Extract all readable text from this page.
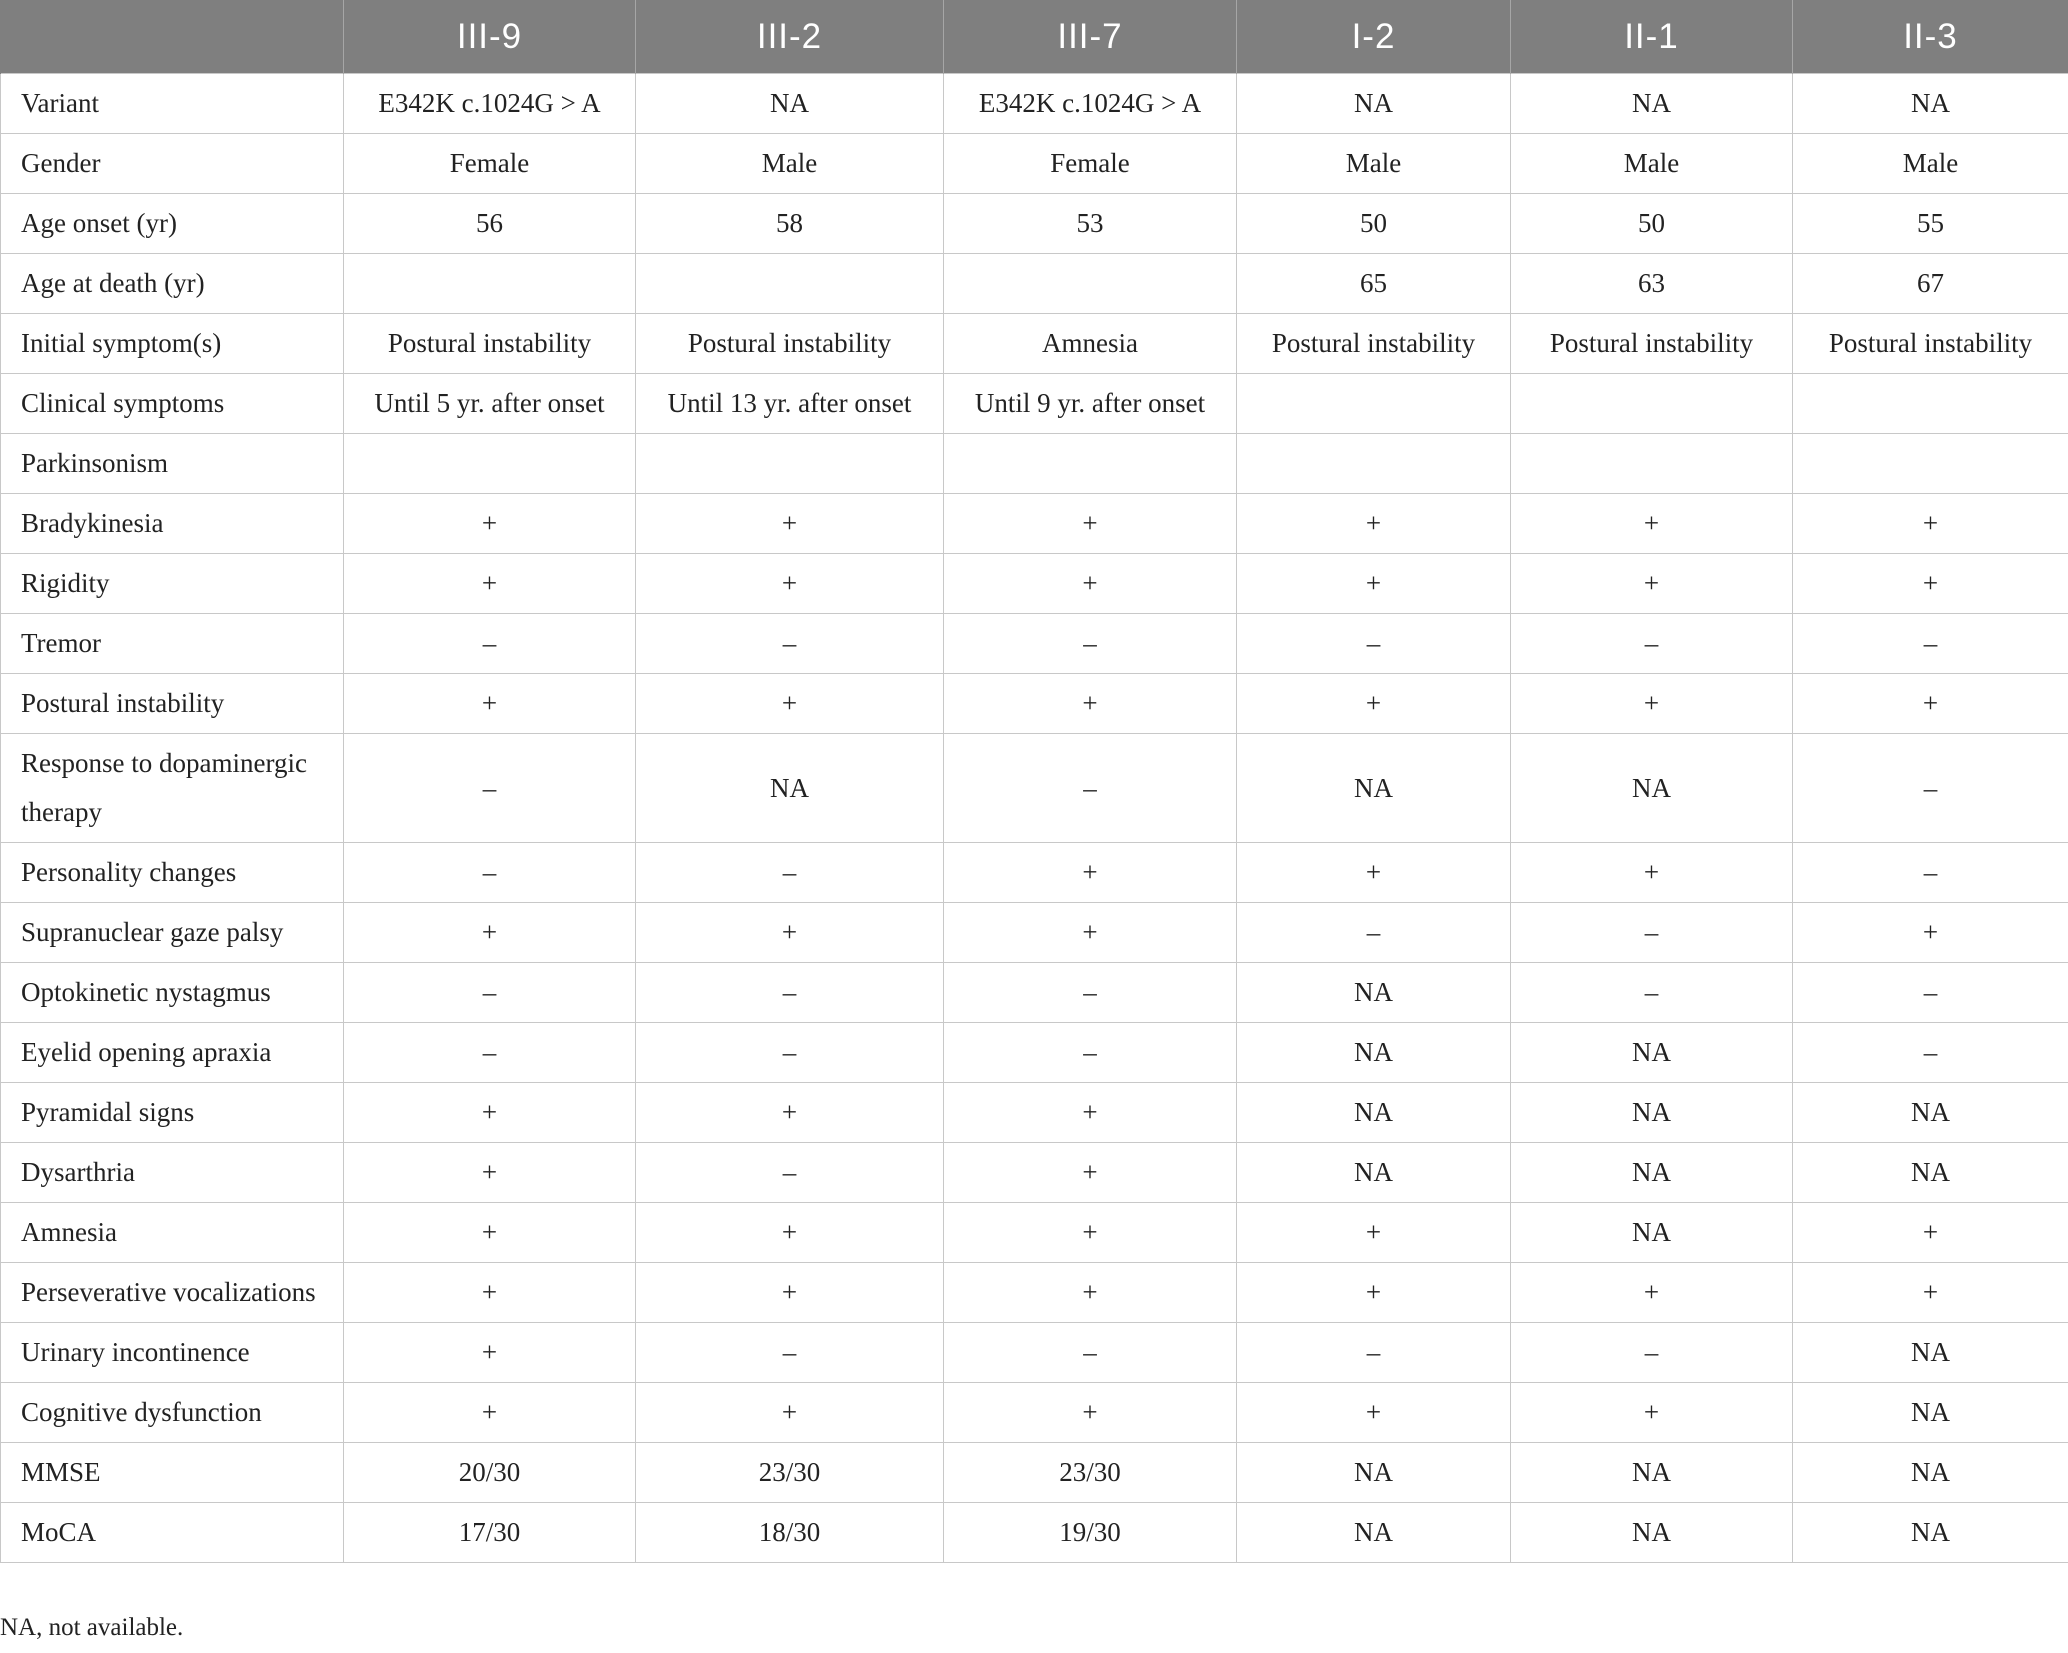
	III-9	III-2	III-7	I-2	II-1	II-3
Variant	E342K c.1024G > A	NA	E342K c.1024G > A	NA	NA	NA
Gender	Female	Male	Female	Male	Male	Male
Age onset (yr)	56	58	53	50	50	55
Age at death (yr)				65	63	67
Initial symptom(s)	Postural instability	Postural instability	Amnesia	Postural instability	Postural instability	Postural instability
Clinical symptoms	Until 5 yr. after onset	Until 13 yr. after onset	Until 9 yr. after onset			
Parkinsonism						
Bradykinesia	+	+	+	+	+	+
Rigidity	+	+	+	+	+	+
Tremor	–	–	–	–	–	–
Postural instability	+	+	+	+	+	+
Response to dopaminergic therapy	–	NA	–	NA	NA	–
Personality changes	–	–	+	+	+	–
Supranuclear gaze palsy	+	+	+	–	–	+
Optokinetic nystagmus	–	–	–	NA	–	–
Eyelid opening apraxia	–	–	–	NA	NA	–
Pyramidal signs	+	+	+	NA	NA	NA
Dysarthria	+	–	+	NA	NA	NA
Amnesia	+	+	+	+	NA	+
Perseverative vocalizations	+	+	+	+	+	+
Urinary incontinence	+	–	–	–	–	NA
Cognitive dysfunction	+	+	+	+	+	NA
MMSE	20/30	23/30	23/30	NA	NA	NA
MoCA	17/30	18/30	19/30	NA	NA	NA
NA, not available.
